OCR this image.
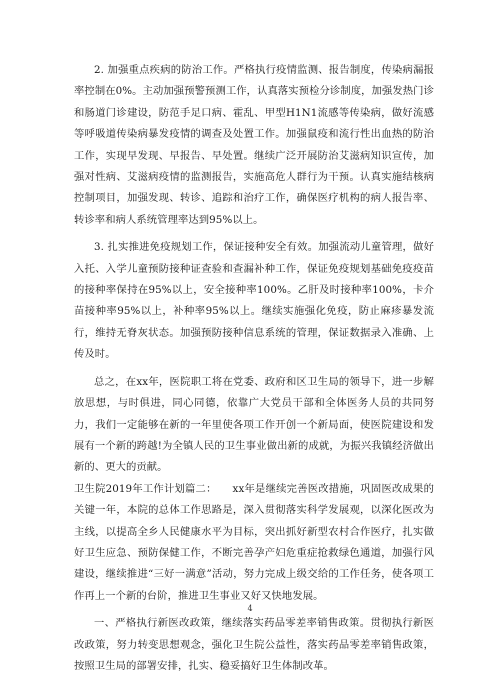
2. 加强重点疾病的防治工作。严格执行疫情监测、报告制度，传染病漏报率控制在0%。主动加强预警预测工作，认真落实预检分诊制度，加强发热门诊和肠道门诊建设，防范手足口病、霍乱、甲型H1N1流感等传染病，做好流感等呼吸道传染病暴发疫情的调查及处置工作。加强鼠疫和流行性出血热的防治工作，实现早发现、早报告、早处置。继续广泛开展防治艾滋病知识宣传，加强对性病、艾滋病疫情的监测报告，实施高危人群行为干预。认真实施结核病控制项目，加强发现、转诊、追踪和治疗工作，确保医疗机构的病人报告率、转诊率和病人系统管理率达到95%以上。

3. 扎实推进免疫规划工作，保证接种安全有效。加强流动儿童管理，做好入托、入学儿童预防接种证查验和查漏补种工作，保证免疫规划基础免疫疫苗的接种率保持在95%以上，安全接种率100%。乙肝及时接种率100%，卡介苗接种率95%以上，补种率95%以上。继续实施强化免疫，防止麻疹暴发流行，维持无脊灰状态。加强预防接种信息系统的管理，保证数据录入准确、上传及时。

总之，在xx年，医院职工将在党委、政府和区卫生局的领导下，进一步解放思想，与时俱进，同心同德，依靠广大党员干部和全体医务人员的共同努力，我们一定能够在新的一年里使各项工作开创一个新局面，使医院建设和发展有一个新的跨越!为全镇人民的卫生事业做出新的成就，为振兴我镇经济做出新的、更大的贡献。

卫生院2019年工作计划篇二：　　xx年是继续完善医改措施，巩固医改成果的关键一年，本院的总体工作思路是，深入贯彻落实科学发展观，以深化医改为主线，以提高全乡人民健康水平为目标，突出抓好新型农村合作医疗，扎实做好卫生应急、预防保健工作，不断完善孕产妇危重症抢救绿色通道，加强行风建设，继续推进“三好一满意”活动，努力完成上级交给的工作任务，使各项工作再上一个新的台阶，推进卫生事业又好又快地发展。

一、严格执行新医改政策，继续落实药品零差率销售政策。贯彻执行新医改政策，努力转变思想观念，强化卫生院公益性，落实药品零差率销售政策，按照卫生局的部署安排，扎实、稳妥搞好卫生体制改革。

4
